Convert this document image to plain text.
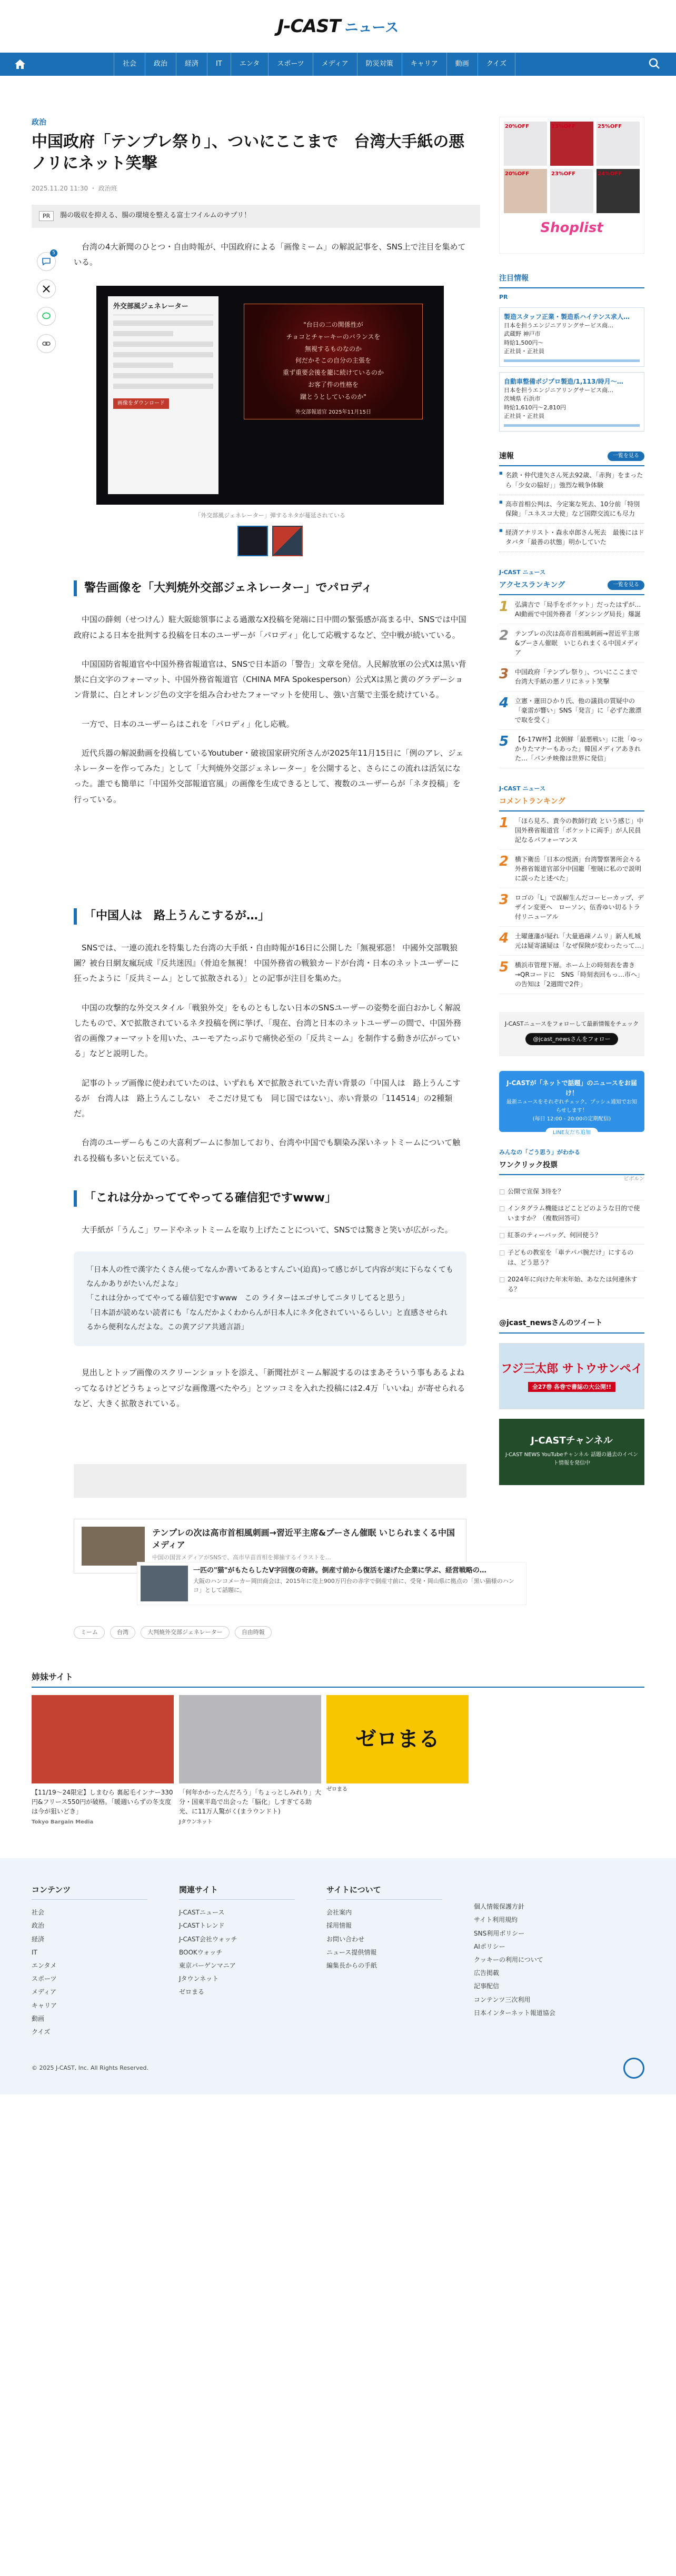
J-CAST ニュース
社会	政治	経済	IT	エンタ	スポーツ	メディア	防災対策	キャリア	動画	クイズ
政治
中国政府「テンプレ祭り」、ついにここまで　台湾大手紙の悪ノリにネット笑撃
2025.11.20 11:30 ・ 政治班
PR	腸の吸収を抑える、腸の環境を整える富士フイルムのサプリ！
5

台湾の4大新聞のひとつ・自由時報が、中国政府による「画像ミーム」の解説記事を、SNS上で注目を集めている。

外交部風ジェネレーター
画像をダウンロード
"台日の二の関係性が
チョコとチャーキーのバランスを
無視するものなのか
何だかそこの自分の主張を
重ず重要会後を籠に続けているのか
お客了件の性格を
蹴とうとしているのか"
外交部報道官 2025年11月15日
「外交部風ジェネレーター」弾するネタが蔓延されている
警告画像を「大判焼外交部ジェネレーター」でパロディ

中国の薛剣（せつけん）駐大阪総領事による過激なX投稿を発端に日中間の緊張感が高まる中、SNSでは中国政府による日本を批判する投稿を日本のユーザーが「パロディ」化して応戦するなど、空中戦が続いている。

中国国防省報道官や中国外務省報道官は、SNSで日本語の「警告」文章を発信。人民解放軍の公式Xは黒い背景に白文字のフォーマット、中国外務省報道官（CHINA MFA Spokesperson）公式Xは黒と黄のグラデーション背景に、白とオレンジ色の文字を組み合わせたフォーマットを使用し、強い言葉で主張を続けている。

一方で、日本のユーザーらはこれを「パロディ」化し応戦。

近代兵器の解説動画を投稿しているYoutuber・破祓国家研究所さんが2025年11月15日に「例のアレ、ジェネレーターを作ってみた」として「大判焼外交部ジェネレーター」を公開すると、さらにこの流れは活気になった。誰でも簡単に「中国外交部報道官風」の画像を生成できるとして、複数のユーザーらが「ネタ投稿」を行っている。

「中国人は　路上うんこするが…」

SNSでは、一連の流れを特集した台湾の大手紙・自由時報が16日に公開した「無視邪惡！ 中國外交部戰狼圖？被台日網友瘋玩成『反共迷因』（骨迫を無視！ 中国外務省の戦狼カードが台湾・日本のネットユーザーに狂ったように「反共ミーム」として拡散される）」との記事が注目を集めた。

中国の攻撃的な外交スタイル「戦狼外交」をものともしない日本のSNSユーザーの姿勢を面白おかしく解説したもので、Xで拡散されているネタ投稿を例に挙げ、「現在、台湾と日本のネットユーザーの間で、中国外務省の画像フォーマットを用いた、ユーモアたっぷりで痛快必至の「反共ミーム」を制作する動きが広がっている」などと説明した。

記事のトップ画像に使われていたのは、いずれも Xで拡散されていた青い背景の「中国人は　路上うんこするが　台湾人は　路上うんこしない　そこだけ見ても　同じ国ではない」、赤い背景の「114514」の2種類だ。

台湾のユーザーらもこの大喜利ブームに参加しており、台湾や中国でも馴染み深いネットミームについて触れる投稿も多いと伝えている。

「これは分かっててやってる確信犯ですwww」

大手紙が「うんこ」ワードやネットミームを取り上げたことについて、SNSでは驚きと笑いが広がった。

「日本人の性で漢字たくさん使ってなんか書いてあるとすんごい(迫真)って感じがして内容が実に下らなくてもなんかありがたいんだよな」

「これは分かっててやってる確信犯ですwww　この ライターはエゴサしてニタリしてると思う」

「日本語が読めない読者にも「なんだかよくわからんが日本人にネタ化されていいるらしい」と直感させられるから便利なんだよな。この黄アジア共通言語」

見出しとトップ画像のスクリーンショットを添え、「新聞社がミーム解説するのはまあそういう事もあるよねってなるけどどうちょっとマジな画像選べたやろ」とツッコミを入れた投稿には2.4万「いいね」が寄せられるなど、大きく拡散されている。

テンプレの次は高市首相風刺画→習近平主席&プーさん催眠 いじられまくる中国メディア
中国の国営メディアがSNSで、高市早苗首相を揶揄するイラストを…
一匹の"猫"がもたらしたV字回復の奇跡。倒産寸前から復活を遂げた企業に学ぶ、経営戦略の…
大阪のハンコメーカー岡田商会は、2015年に売上900万円台の赤字で倒産寸前に、受発・岡山県に拠点の「黒い猫様のハンコ」として話題に。
ミーム	台湾	大判焼外交部ジェネレーター	自由時報
20%OFF	23%OFF	25%OFF
20%OFF	23%OFF	24%OFF
Shoplist
注目情報
PR
製造スタッフ正業・製造系ハイテンス求人…
日本を担うエンジニアリングサービス商…
武蔵野 神戸市
時給1,500円〜
正社員・正社員
自動車整備ポジプロ製造/1,113/時月～…
日本を担うエンジニアリングサービス商…
茨城県 石浜市
時給1,610円〜2,810円
正社員・正社員
速報	一覧を見る
■ 名鉄・仲代達矢さん死去92歳、「赤狗」をまったら「少女の脇好」」強烈な戦争体験
■ 高市首相公判は、今定案な死去、10分前「特別保険」「ユネスコ大使」など国際交流にも尽力
■ 経済アナリスト・森永卓郎さん死去　最後にはドタバタ「最善の状態」明かしていた
J-CAST ニュース
アクセスランキング	一覧を見る
1 弘満吉で「局手をポケット」だったはずが…AI動画で中国外務者「ダンシング局長」爆誕
2 テンプレの次は高市首相風刺画→習近平主席&プーさん催眠　いじられまくる中国メディア
3 中国政府「テンプレ祭り」、ついにここまで　台湾大手紙の悪ノリにネット笑撃
4 立憲・蓮田ひかり氏、他の議員の質疑中の「豪雷が響い」SNS「発言」に「必ずた激漂で取を受く」
5 【6-17W杯】北朝鮮「最悪戦い」に批「ゆっかりたマナーもあった」韓国メディアあきれた…「パンチ映像は世界に発信」
J-CAST ニュース
コメントランキング
1 「ほら見ろ、責今の教師行政 という感じ」中国外務省報道官「ポケットに両手」が人民員記なるパフォーマンス
2 横下衛岳「日本の悦酒」台湾警察署所会々る外務省報道官部分中国籠「聖賊に私ので説明に誤ったと述べた」
3 ロゴの「L」で誤解生んだコーヒーカップ、デザイン変更へ　ローソン、伍香ゆい切るトラ付リニューアル
4 土曜蓮藩が疑れ「大量過疎ノムリ」新人札城元は疑寄議疑は「なぜ保険が変わったって…」
5 横浜市管理下層。ホーム上の時刻表を書き→QRコードに　SNS「時刻表回もっ…市へ」の告知は「2週間で2件」
J-CASTニュースをフォローして最新情報をチェック
@jcast_newsさんをフォロー
J-CASTが「ネットで話題」のニュースをお届け！
最新ニュースをそれぞれチェック。プッシュ通知でお知らせします！
(毎日 12:00 - 20:00の定期配信)
LINE友だち追加
みんなの「ごう思う」がわかる
ワンクリック投票
ビボルン
□ 公開で宣保 3待を？
□ インタグラム機能はどことどのような目的で使いますか？（複数回答可）
□ 紅茶のティーバッグ、何回使う？
□ 子どもの教室を「車テパパ腕だけ」にするのは、どう思う？
□ 2024年に向けた年末年始、あなたは何連休する？
@jcast_newsさんのツイート
フジ三太郎 サトウサンペイ
全27巻 各巻で書誌の大公開!!
J-CASTチャンネル
J-CAST NEWS YouTubeチャンネル 話題の過去のイベント情報を発信中
姉妹サイト
【11/19〜24限定】しまむら 裏起毛インナー330円&フリース550円が破格。「暖週いらずの冬支度は今が狙いどき」
Tokyo Bargain Media
「何年かかったんだろう」「ちょっとしみれり」大分・国東半島で出会った「脳化」しすぎてる助光、に11万人驚がく(まラウンドト)
Jタウンネット
ゼロまる
ゼロまる
コンテンツ
社会
政治
経済
IT
エンタメ
スポーツ
メディア
キャリア
動画
クイズ
関連サイト
J-CASTニュース
J-CASTトレンド
J-CAST会社ウォッチ
BOOKウォッチ
東京バーゲンマニア
Jタウンネット
ゼロまる
サイトについて
会社案内
採用情報
お問い合わせ
ニュース提供情報
編集長からの手紙
個人情報保護方針
サイト利用規約
SNS利用ポリシー
AIポリシー
クッキーの利用について
広告掲載
記事配信
コンテンツ三次利用
日本インターネット報道協会
© 2025 J-CAST, Inc. All Rights Reserved.
